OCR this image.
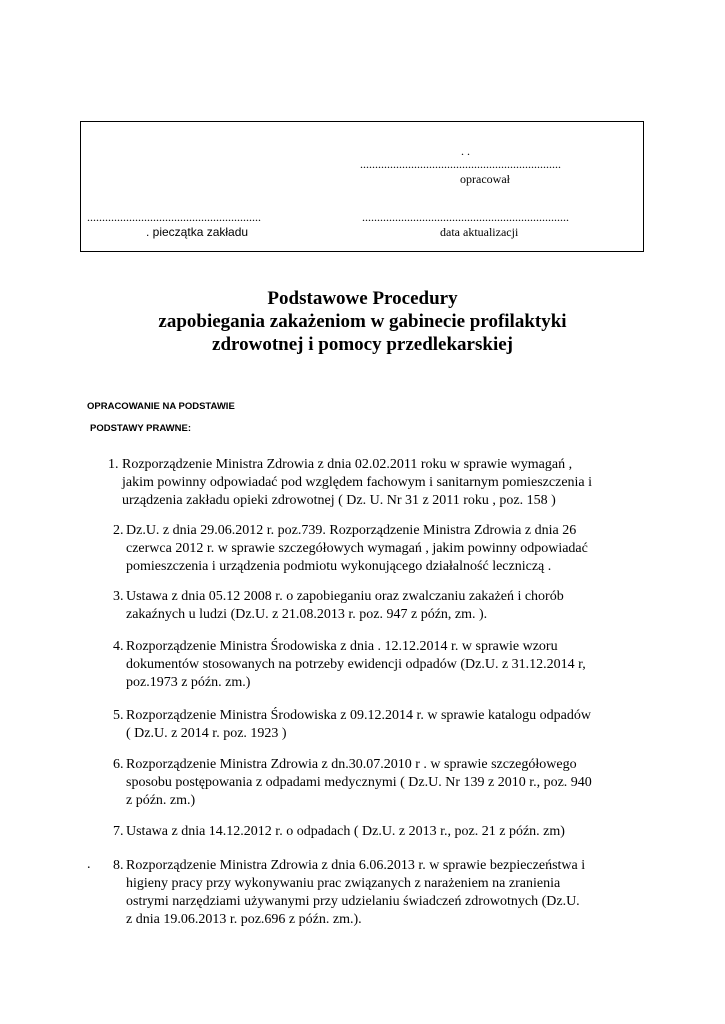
. .
...................................................................
opracował
..........................................................
. pieczątka zakładu
.....................................................................
data aktualizacji
Podstawowe Procedury
zapobiegania zakażeniom w gabinecie profilaktyki
zdrowotnej i pomocy przedlekarskiej
OPRACOWANIE NA PODSTAWIE
PODSTAWY PRAWNE:
1. Rozporządzenie Ministra Zdrowia z dnia 02.02.2011 roku w sprawie wymagań ,
jakim powinny odpowiadać pod względem fachowym i sanitarnym pomieszczenia i
urządzenia zakładu opieki zdrowotnej ( Dz. U. Nr 31 z 2011 roku , poz. 158 )
2. Dz.U. z dnia 29.06.2012 r. poz.739. Rozporządzenie Ministra Zdrowia z dnia 26
czerwca 2012 r. w sprawie szczegółowych wymagań , jakim powinny odpowiadać
pomieszczenia i urządzenia podmiotu wykonującego działalność leczniczą .
3. Ustawa z dnia 05.12 2008 r. o zapobieganiu oraz zwalczaniu zakażeń i chorób
zakaźnych u ludzi (Dz.U. z 21.08.2013 r. poz. 947 z późn, zm. ).
4. Rozporządzenie Ministra Środowiska z dnia . 12.12.2014 r. w sprawie wzoru
dokumentów stosowanych na potrzeby ewidencji odpadów (Dz.U. z 31.12.2014 r,
poz.1973 z późn. zm.)
5. Rozporządzenie Ministra Środowiska z 09.12.2014 r. w sprawie katalogu odpadów
( Dz.U. z 2014 r. poz. 1923 )
6. Rozporządzenie Ministra Zdrowia z dn.30.07.2010 r . w sprawie szczegółowego
sposobu postępowania z odpadami medycznymi ( Dz.U. Nr 139 z 2010 r., poz. 940
z późn. zm.)
7. Ustawa z dnia 14.12.2012 r. o odpadach ( Dz.U. z 2013 r., poz. 21 z późn. zm)
. 8. Rozporządzenie Ministra Zdrowia z dnia 6.06.2013 r. w sprawie bezpieczeństwa i
higieny pracy przy wykonywaniu prac związanych z narażeniem na zranienia
ostrymi narzędziami używanymi przy udzielaniu świadczeń zdrowotnych (Dz.U.
z dnia 19.06.2013 r. poz.696 z późn. zm.).
